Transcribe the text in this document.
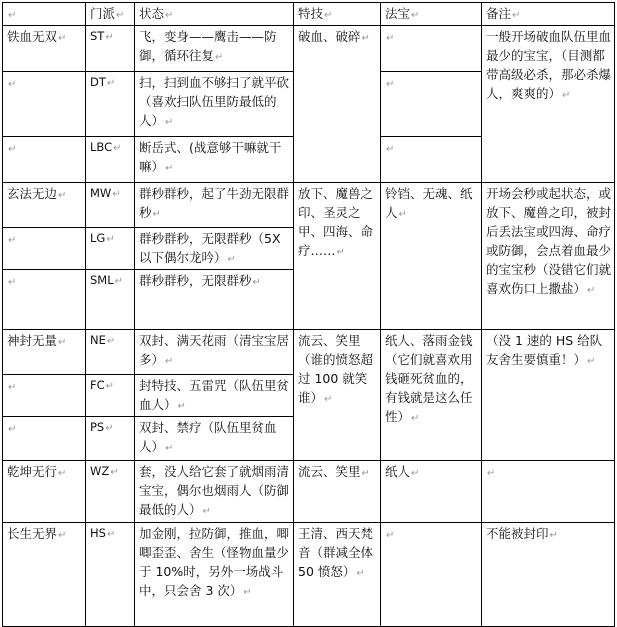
↵	门派↵	状态↵	特技↵	法宝↵	备注↵
铁血无双↵	ST↵	飞，变身——鹰击——防御，循环往复↵	破血、破碎↵	↵	一般开场破血队伍里血最少的宝宝，（目测都带高级必杀，那必杀爆人，爽爽的）↵
↵	DT↵	扫，扫到血不够扫了就平砍（喜欢扫队伍里防最低的人）↵		↵	
↵	LBC↵	断岳式、(战意够干嘛就干嘛）↵		↵	
玄法无边↵	MW↵	群秒群秒，起了牛劲无限群秒↵	放下、魔兽之印、圣灵之甲、四海、命疗……↵	铃铛、无魂、纸人↵	开场会秒或起状态，或放下、魔兽之印，被封后丢法宝或四海、命疗或防御，会点着血最少的宝宝秒（没错它们就喜欢伤口上撒盐）↵
↵	LG↵	群秒群秒，无限群秒（5X以下偶尔龙吟）↵			
↵	SML↵	群秒群秒，无限群秒↵			
神封无量↵	NE↵	双封、满天花雨（清宝宝居多）↵	流云、笑里（谁的愤怒超过 100 就笑谁）↵	纸人、落雨金钱（它们就喜欢用钱砸死贫血的，有钱就是这么任性）↵	（没 1 速的 HS 给队友舍生要慎重！）↵
↵	FC↵	封特技、五雷咒（队伍里贫血人）↵			
↵	PS↵	双封、禁疗（队伍里贫血人）↵			
乾坤无行↵	WZ↵	套，没人给它套了就烟雨清宝宝，偶尔也烟雨人（防御最低的人）↵	流云、笑里↵	纸人↵	↵
长生无界↵	HS↵	加金刚，拉防御，推血，唧唧歪歪、舍生（怪物血量少于 10%时，另外一场战斗中，只会舍 3 次）↵	王清、西天梵音（群减全体 50 愤怒）↵	↵	不能被封印↵
